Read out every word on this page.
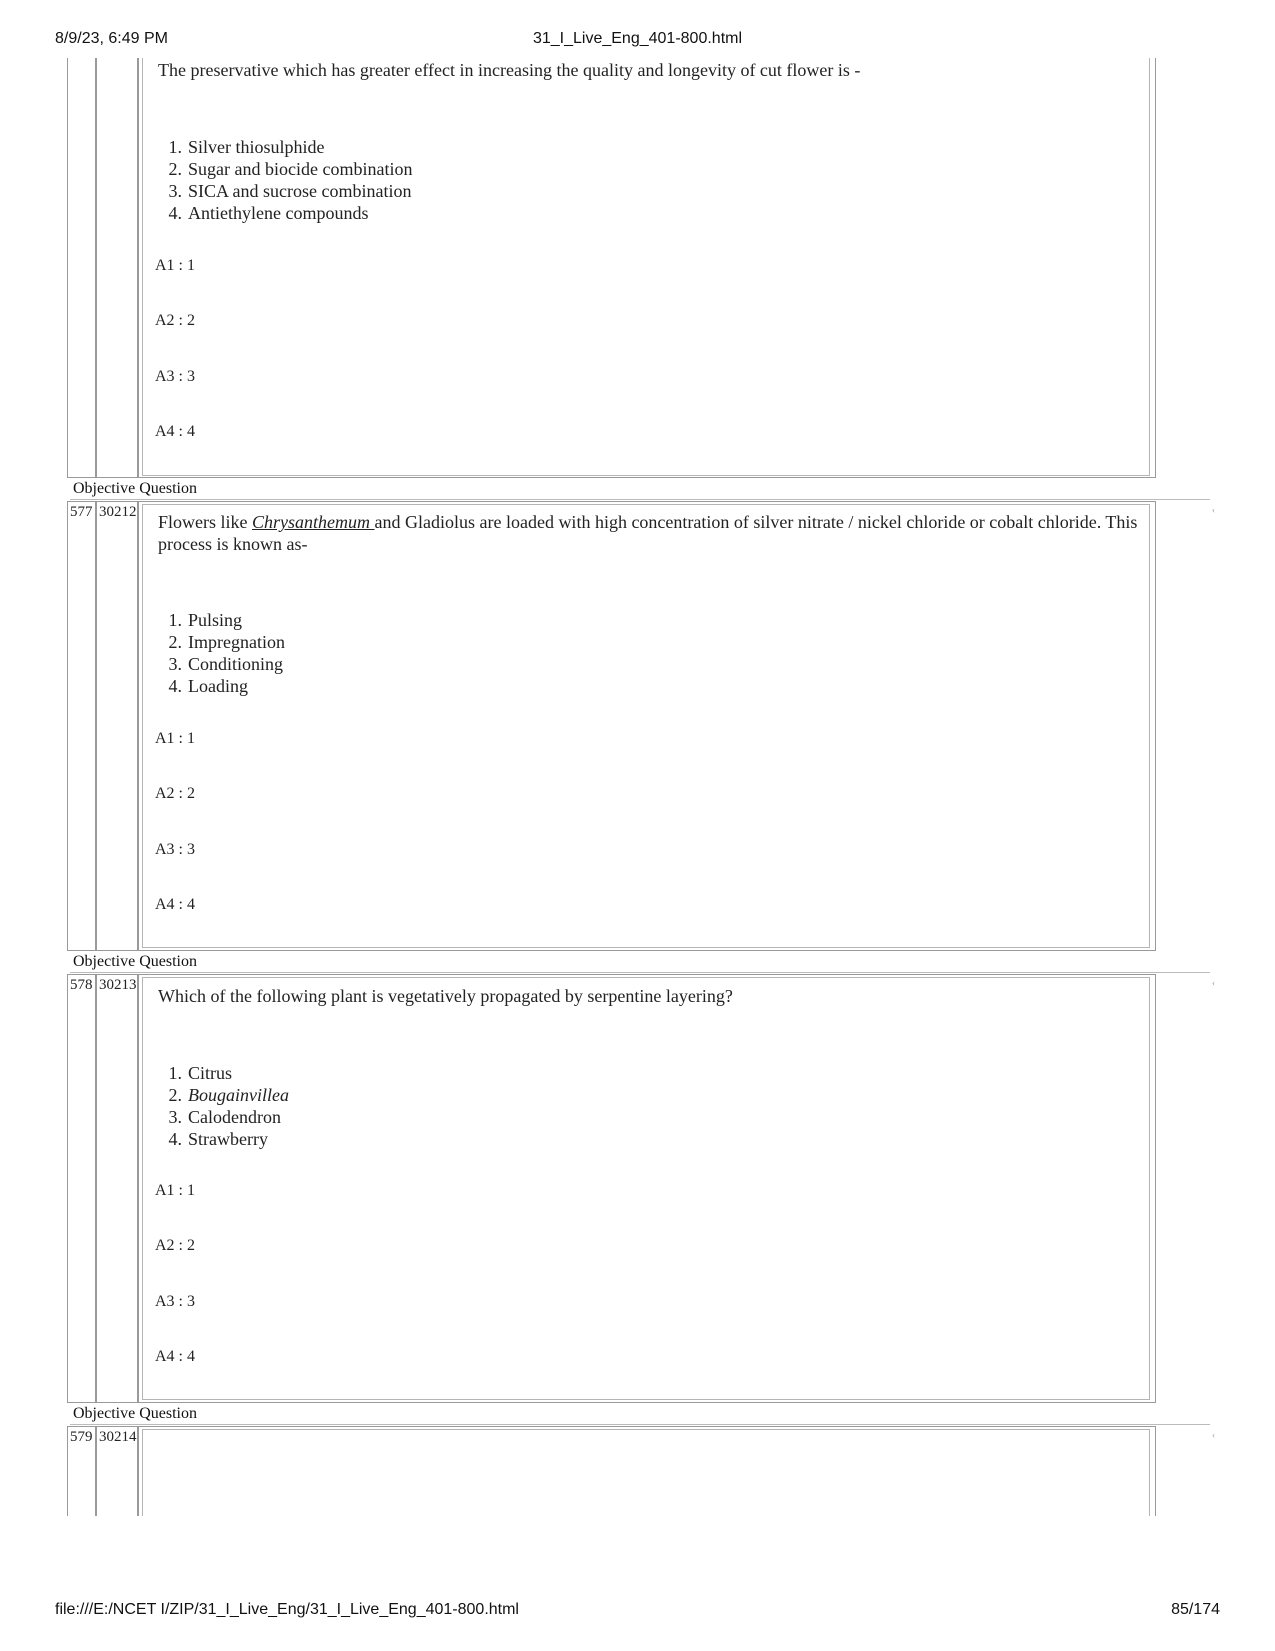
8/9/23, 6:49 PM	31_I_Live_Eng_401-800.html
The preservative which has greater effect in increasing the quality and longevity of cut flower is -
1. Silver thiosulphide
2. Sugar and biocide combination
3. SICA and sucrose combination
4. Antiethylene compounds
A1 : 1
A2 : 2
A3 : 3
A4 : 4
Objective Question
577 30212	‹
Flowers like Chrysanthemum and Gladiolus are loaded with high concentration of silver nitrate / nickel chloride or cobalt chloride. This process is known as-
1. Pulsing
2. Impregnation
3. Conditioning
4. Loading
A1 : 1
A2 : 2
A3 : 3
A4 : 4
Objective Question
578 30213	‹
Which of the following plant is vegetatively propagated by serpentine layering?
1. Citrus
2. Bougainvillea
3. Calodendron
4. Strawberry
A1 : 1
A2 : 2
A3 : 3
A4 : 4
Objective Question
579 30214	‹
file:///E:/NCET I/ZIP/31_I_Live_Eng/31_I_Live_Eng_401-800.html	85/174
